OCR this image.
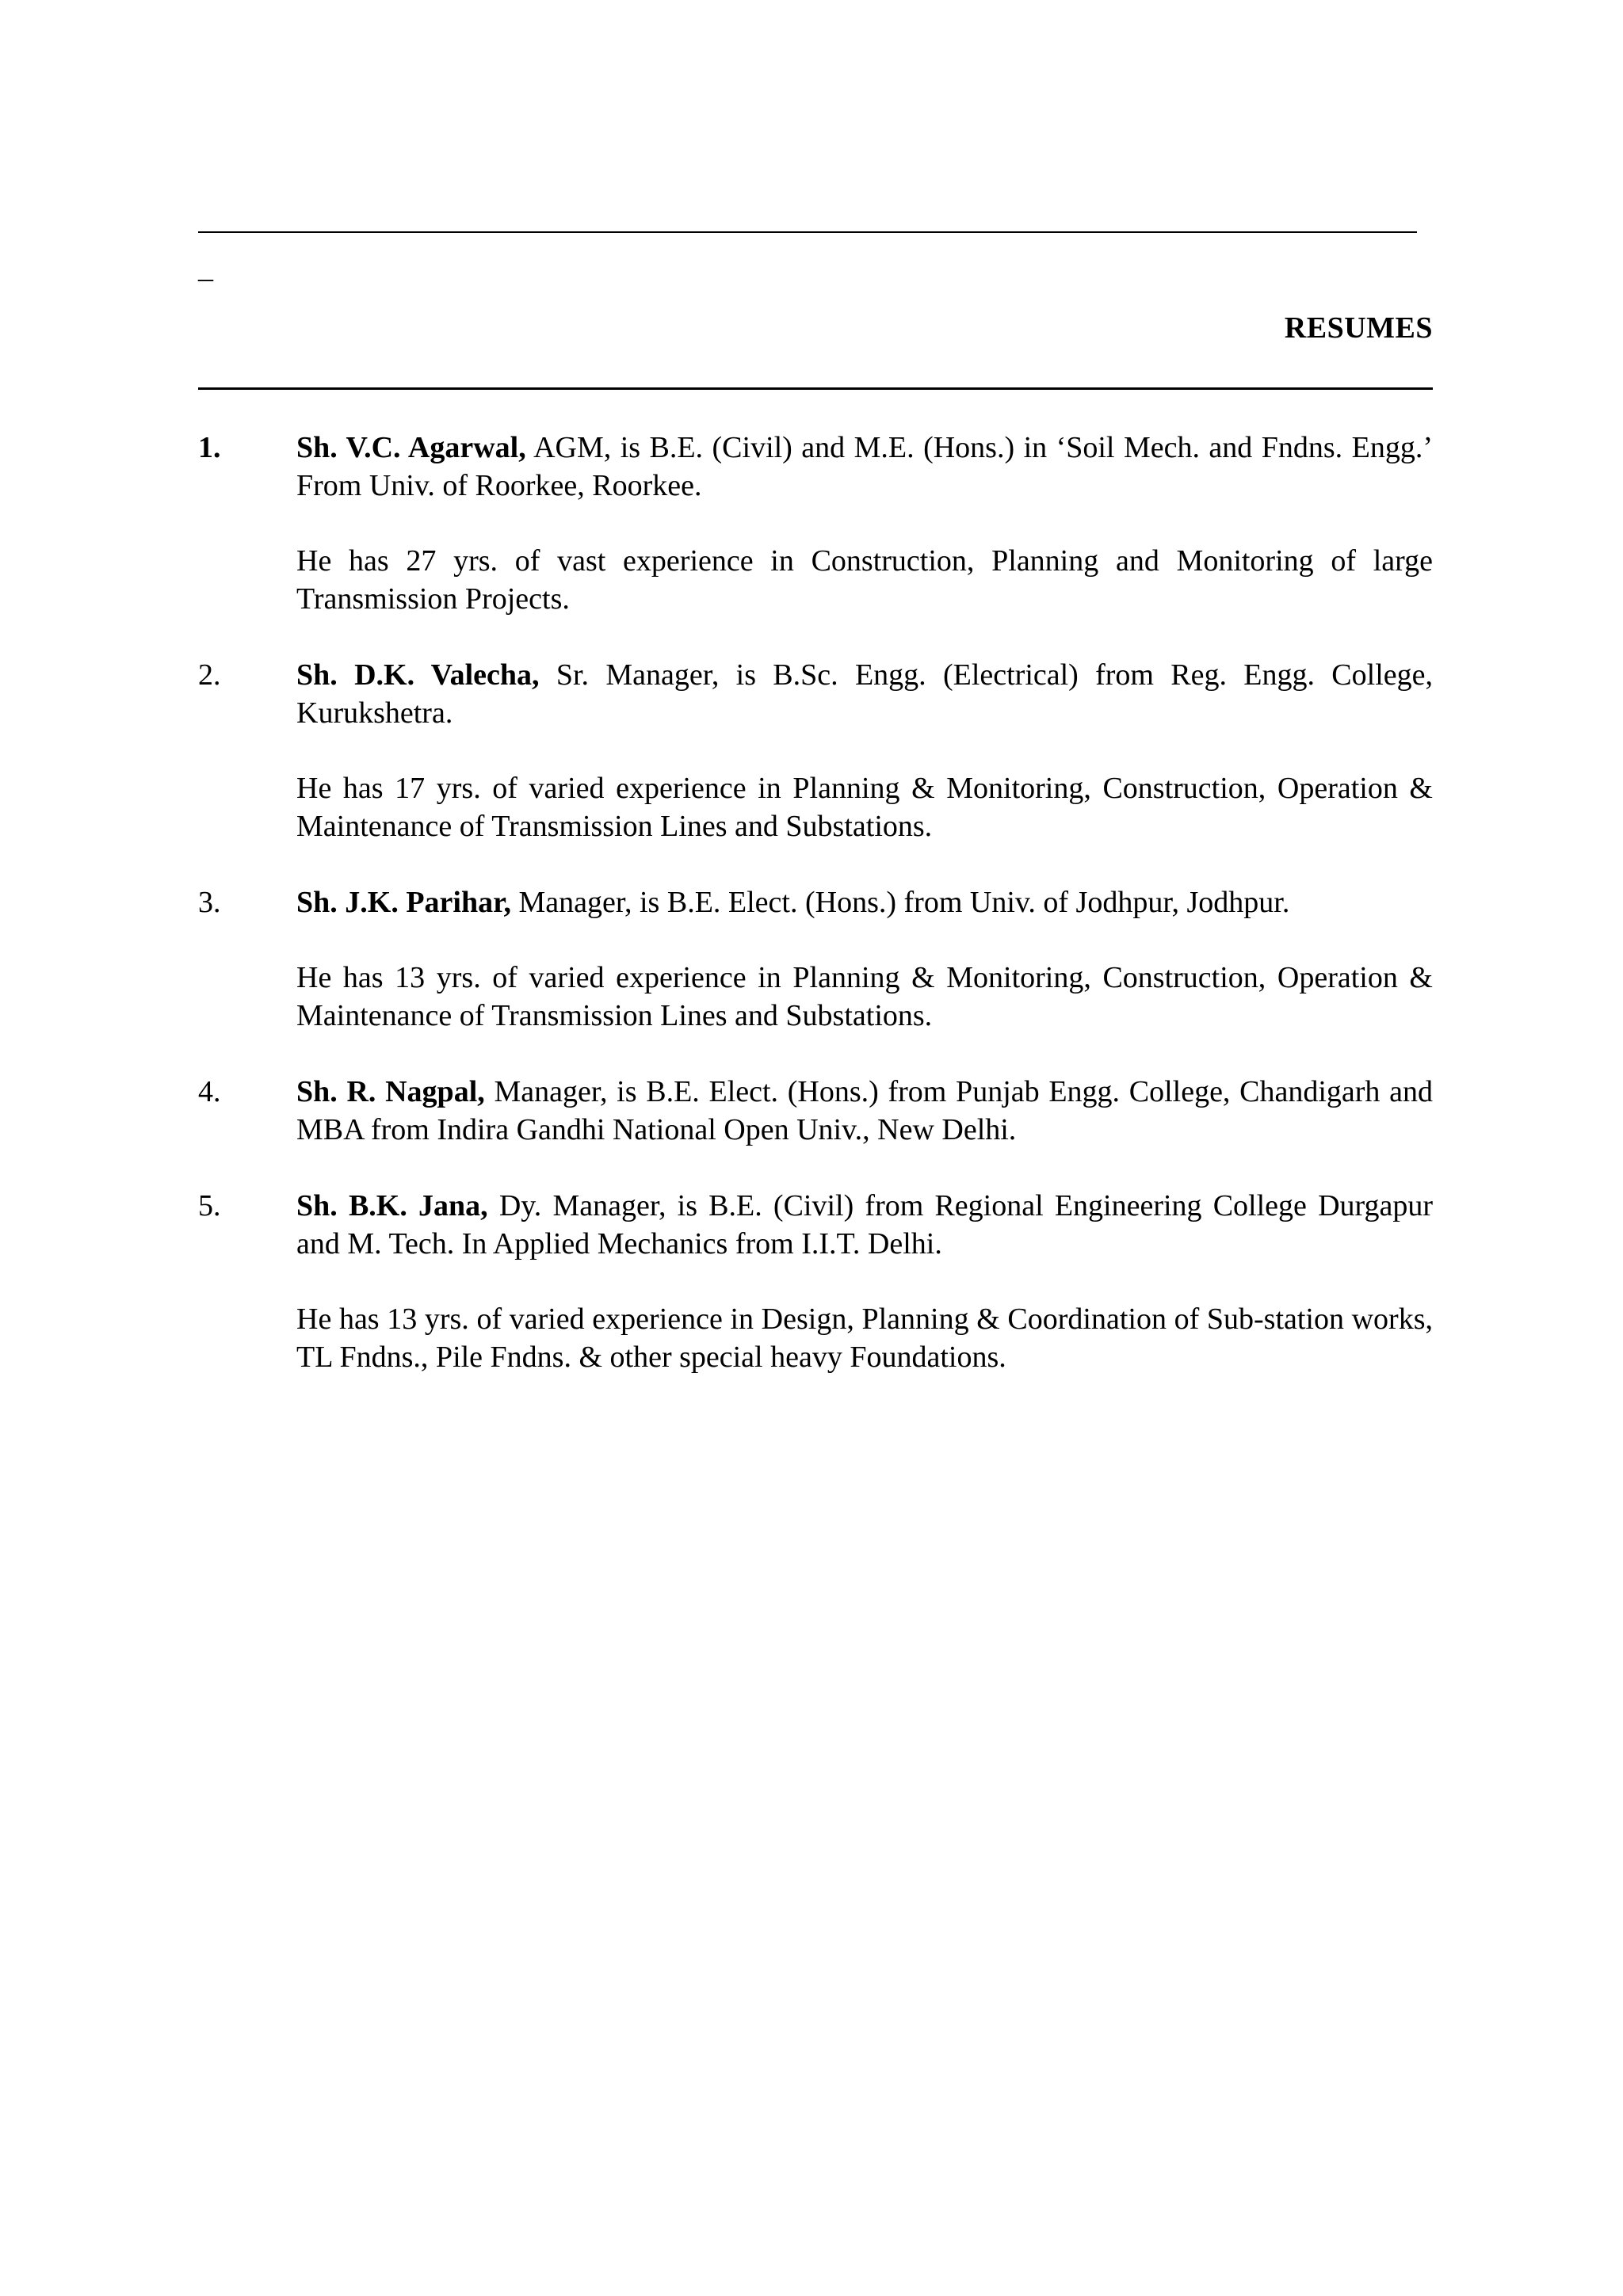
_
RESUMES
1.	Sh. V.C. Agarwal, AGM, is B.E. (Civil) and M.E. (Hons.) in ‘Soil Mech. and Fndns. Engg.’ From Univ. of Roorkee, Roorkee.

He has 27 yrs. of vast experience in Construction, Planning and Monitoring of large Transmission Projects.

2.	Sh. D.K. Valecha, Sr. Manager, is B.Sc. Engg. (Electrical) from Reg. Engg. College, Kurukshetra.

He has 17 yrs. of varied experience in Planning & Monitoring, Construction, Operation & Maintenance of Transmission Lines and Substations.

3.	Sh. J.K. Parihar, Manager, is B.E. Elect. (Hons.) from Univ. of Jodhpur, Jodhpur.

He has 13 yrs. of varied experience in Planning & Monitoring, Construction, Operation & Maintenance of Transmission Lines and Substations.

4.	Sh. R. Nagpal, Manager, is B.E. Elect. (Hons.) from Punjab Engg. College, Chandigarh and MBA from Indira Gandhi National Open Univ., New Delhi.

5.	Sh. B.K. Jana, Dy. Manager, is B.E. (Civil) from Regional Engineering College Durgapur and M. Tech. In Applied Mechanics from I.I.T. Delhi.

He has 13 yrs. of varied experience in Design, Planning & Coordination of Sub-station works, TL Fndns., Pile Fndns. & other special heavy Foundations.
